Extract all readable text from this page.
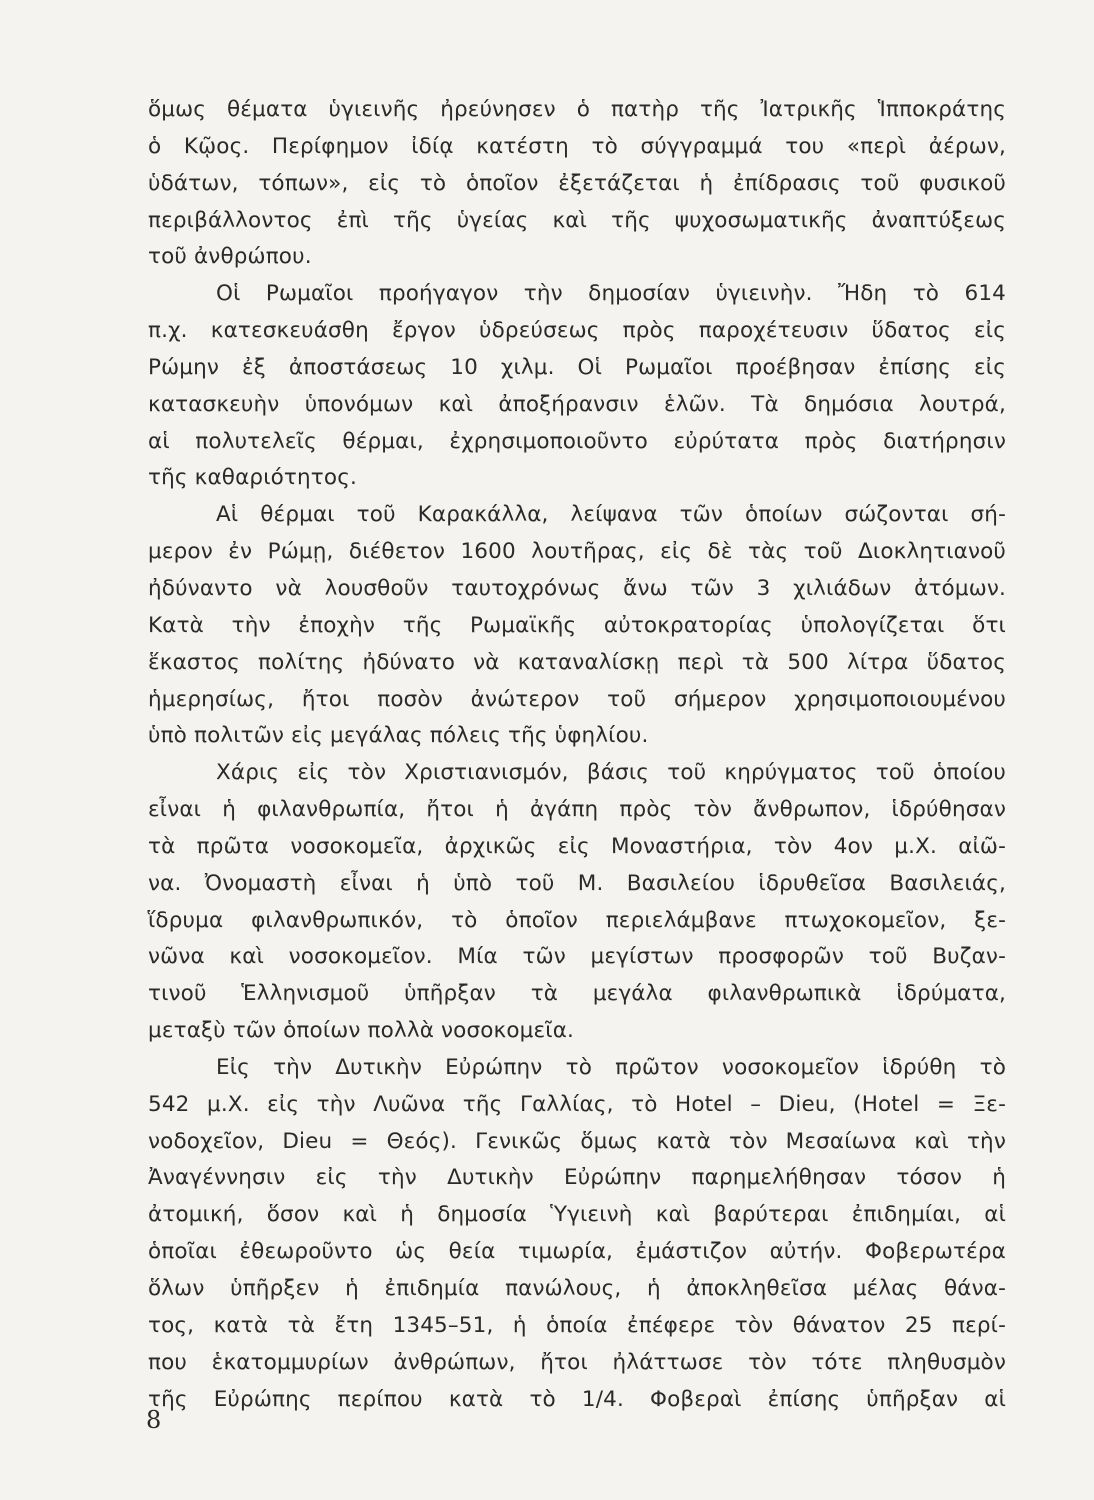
ὅμως θέματα ὑγιεινῆς ἠρεύνησεν ὁ πατὴρ τῆς Ἰατρικῆς Ἱπποκράτης
ὁ Κῷος. Περίφημον ἰδίᾳ κατέστη τὸ σύγγραμμά του «περὶ ἀέρων,
ὑδάτων, τόπων», εἰς τὸ ὁποῖον ἐξετάζεται ἡ ἐπίδρασις τοῦ φυσικοῦ
περιβάλλοντος ἐπὶ τῆς ὑγείας καὶ τῆς ψυχοσωματικῆς ἀναπτύξεως
τοῦ ἀνθρώπου.
Οἱ Ρωμαῖοι προήγαγον τὴν δημοσίαν ὑγιεινὴν. Ἤδη τὸ 614
π.χ. κατεσκευάσθη ἔργον ὑδρεύσεως πρὸς παροχέτευσιν ὕδατος εἰς
Ρώμην ἐξ ἀποστάσεως 10 χιλμ. Οἱ Ρωμαῖοι προέβησαν ἐπίσης εἰς
κατασκευὴν ὑπονόμων καὶ ἀποξήρανσιν ἑλῶν. Τὰ δημόσια λουτρά,
αἱ πολυτελεῖς θέρμαι, ἐχρησιμοποιοῦντο εὐρύτατα πρὸς διατήρησιν
τῆς καθαριότητος.
Αἱ θέρμαι τοῦ Καρακάλλα, λείψανα τῶν ὁποίων σώζονται σή-
μερον ἐν Ρώμῃ, διέθετον 1600 λουτῆρας, εἰς δὲ τὰς τοῦ Διοκλητιανοῦ
ἠδύναντο νὰ λουσθοῦν ταυτοχρόνως ἄνω τῶν 3 χιλιάδων ἀτόμων.
Κατὰ τὴν ἐποχὴν τῆς Ρωμαϊκῆς αὐτοκρατορίας ὑπολογίζεται ὅτι
ἕκαστος πολίτης ἠδύνατο νὰ καταναλίσκῃ περὶ τὰ 500 λίτρα ὕδατος
ἡμερησίως, ἤτοι ποσὸν ἀνώτερον τοῦ σήμερον χρησιμοποιουμένου
ὑπὸ πολιτῶν εἰς μεγάλας πόλεις τῆς ὑφηλίου.
Χάρις εἰς τὸν Χριστιανισμόν, βάσις τοῦ κηρύγματος τοῦ ὁποίου
εἶναι ἡ φιλανθρωπία, ἤτοι ἡ ἀγάπη πρὸς τὸν ἄνθρωπον, ἱδρύθησαν
τὰ πρῶτα νοσοκομεῖα, ἀρχικῶς εἰς Μοναστήρια, τὸν 4ον μ.Χ. αἰῶ-
να. Ὀνομαστὴ εἶναι ἡ ὑπὸ τοῦ Μ. Βασιλείου ἱδρυθεῖσα Βασιλειάς,
ἵδρυμα φιλανθρωπικόν, τὸ ὁποῖον περιελάμβανε πτωχοκομεῖον, ξε-
νῶνα καὶ νοσοκομεῖον. Μία τῶν μεγίστων προσφορῶν τοῦ Βυζαν-
τινοῦ Ἑλληνισμοῦ ὑπῆρξαν τὰ μεγάλα φιλανθρωπικὰ ἱδρύματα,
μεταξὺ τῶν ὁποίων πολλὰ νοσοκομεῖα.
Εἰς τὴν Δυτικὴν Εὐρώπην τὸ πρῶτον νοσοκομεῖον ἱδρύθη τὸ
542 μ.Χ. εἰς τὴν Λυῶνα τῆς Γαλλίας, τὸ Hotel – Dieu, (Hotel = Ξε-
νοδοχεῖον, Dieu = Θεός). Γενικῶς ὅμως κατὰ τὸν Μεσαίωνα καὶ τὴν
Ἀναγέννησιν εἰς τὴν Δυτικὴν Εὐρώπην παρημελήθησαν τόσον ἡ
ἀτομική, ὅσον καὶ ἡ δημοσία Ὑγιεινὴ καὶ βαρύτεραι ἐπιδημίαι, αἱ
ὁποῖαι ἐθεωροῦντο ὡς θεία τιμωρία, ἐμάστιζον αὐτήν. Φοβερωτέρα
ὅλων ὑπῆρξεν ἡ ἐπιδημία πανώλους, ἡ ἀποκληθεῖσα μέλας θάνα-
τος, κατὰ τὰ ἔτη 1345–51, ἡ ὁποία ἐπέφερε τὸν θάνατον 25 περί-
που ἑκατομμυρίων ἀνθρώπων, ἤτοι ἠλάττωσε τὸν τότε πληθυσμὸν
τῆς Εὐρώπης περίπου κατὰ τὸ 1/4. Φοβεραὶ ἐπίσης ὑπῆρξαν αἱ
8
